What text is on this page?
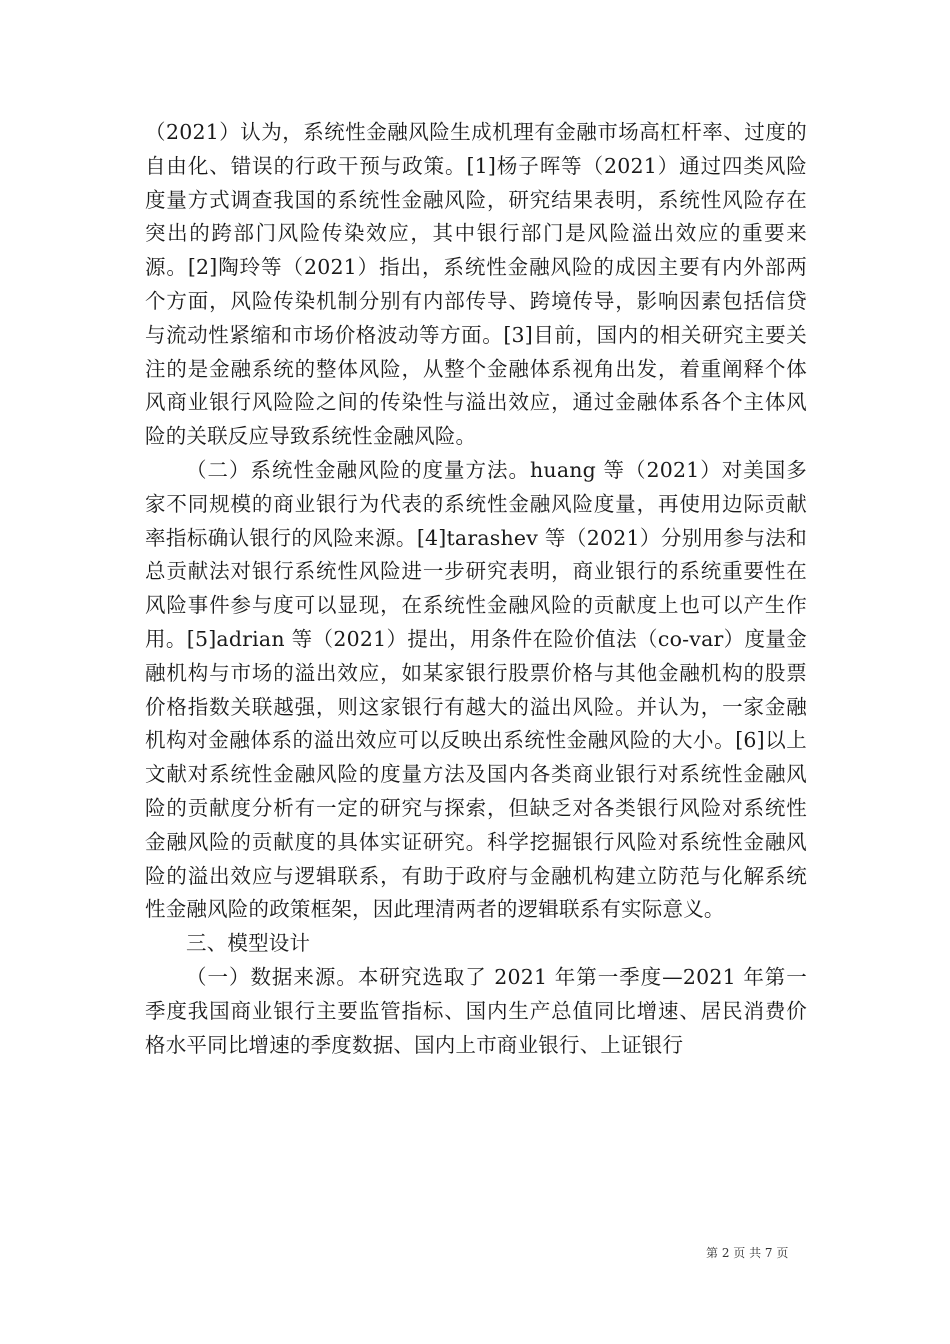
（2021）认为，系统性金融风险生成机理有金融市场高杠杆率、过度的自由化、错误的行政干预与政策。[1]杨子晖等（2021）通过四类风险度量方式调查我国的系统性金融风险，研究结果表明，系统性风险存在突出的跨部门风险传染效应，其中银行部门是风险溢出效应的重要来源。[2]陶玲等（2021）指出，系统性金融风险的成因主要有内外部两个方面，风险传染机制分别有内部传导、跨境传导，影响因素包括信贷与流动性紧缩和市场价格波动等方面。[3]目前，国内的相关研究主要关注的是金融系统的整体风险，从整个金融体系视角出发，着重阐释个体风商业银行风险险之间的传染性与溢出效应，通过金融体系各个主体风险的关联反应导致系统性金融风险。

（二）系统性金融风险的度量方法。huang 等（2021）对美国多家不同规模的商业银行为代表的系统性金融风险度量，再使用边际贡献率指标确认银行的风险来源。[4]tarashev 等（2021）分别用参与法和总贡献法对银行系统性风险进一步研究表明，商业银行的系统重要性在风险事件参与度可以显现，在系统性金融风险的贡献度上也可以产生作用。[5]adrian 等（2021）提出，用条件在险价值法（co-var）度量金融机构与市场的溢出效应，如某家银行股票价格与其他金融机构的股票价格指数关联越强，则这家银行有越大的溢出风险。并认为，一家金融机构对金融体系的溢出效应可以反映出系统性金融风险的大小。[6]以上文献对系统性金融风险的度量方法及国内各类商业银行对系统性金融风险的贡献度分析有一定的研究与探索，但缺乏对各类银行风险对系统性金融风险的贡献度的具体实证研究。科学挖掘银行风险对系统性金融风险的溢出效应与逻辑联系，有助于政府与金融机构建立防范与化解系统性金融风险的政策框架，因此理清两者的逻辑联系有实际意义。

三、模型设计

（一）数据来源。本研究选取了 2021 年第一季度—2021 年第一季度我国商业银行主要监管指标、国内生产总值同比增速、居民消费价格水平同比增速的季度数据、国内上市商业银行、上证银行

第 2 页 共 7 页
